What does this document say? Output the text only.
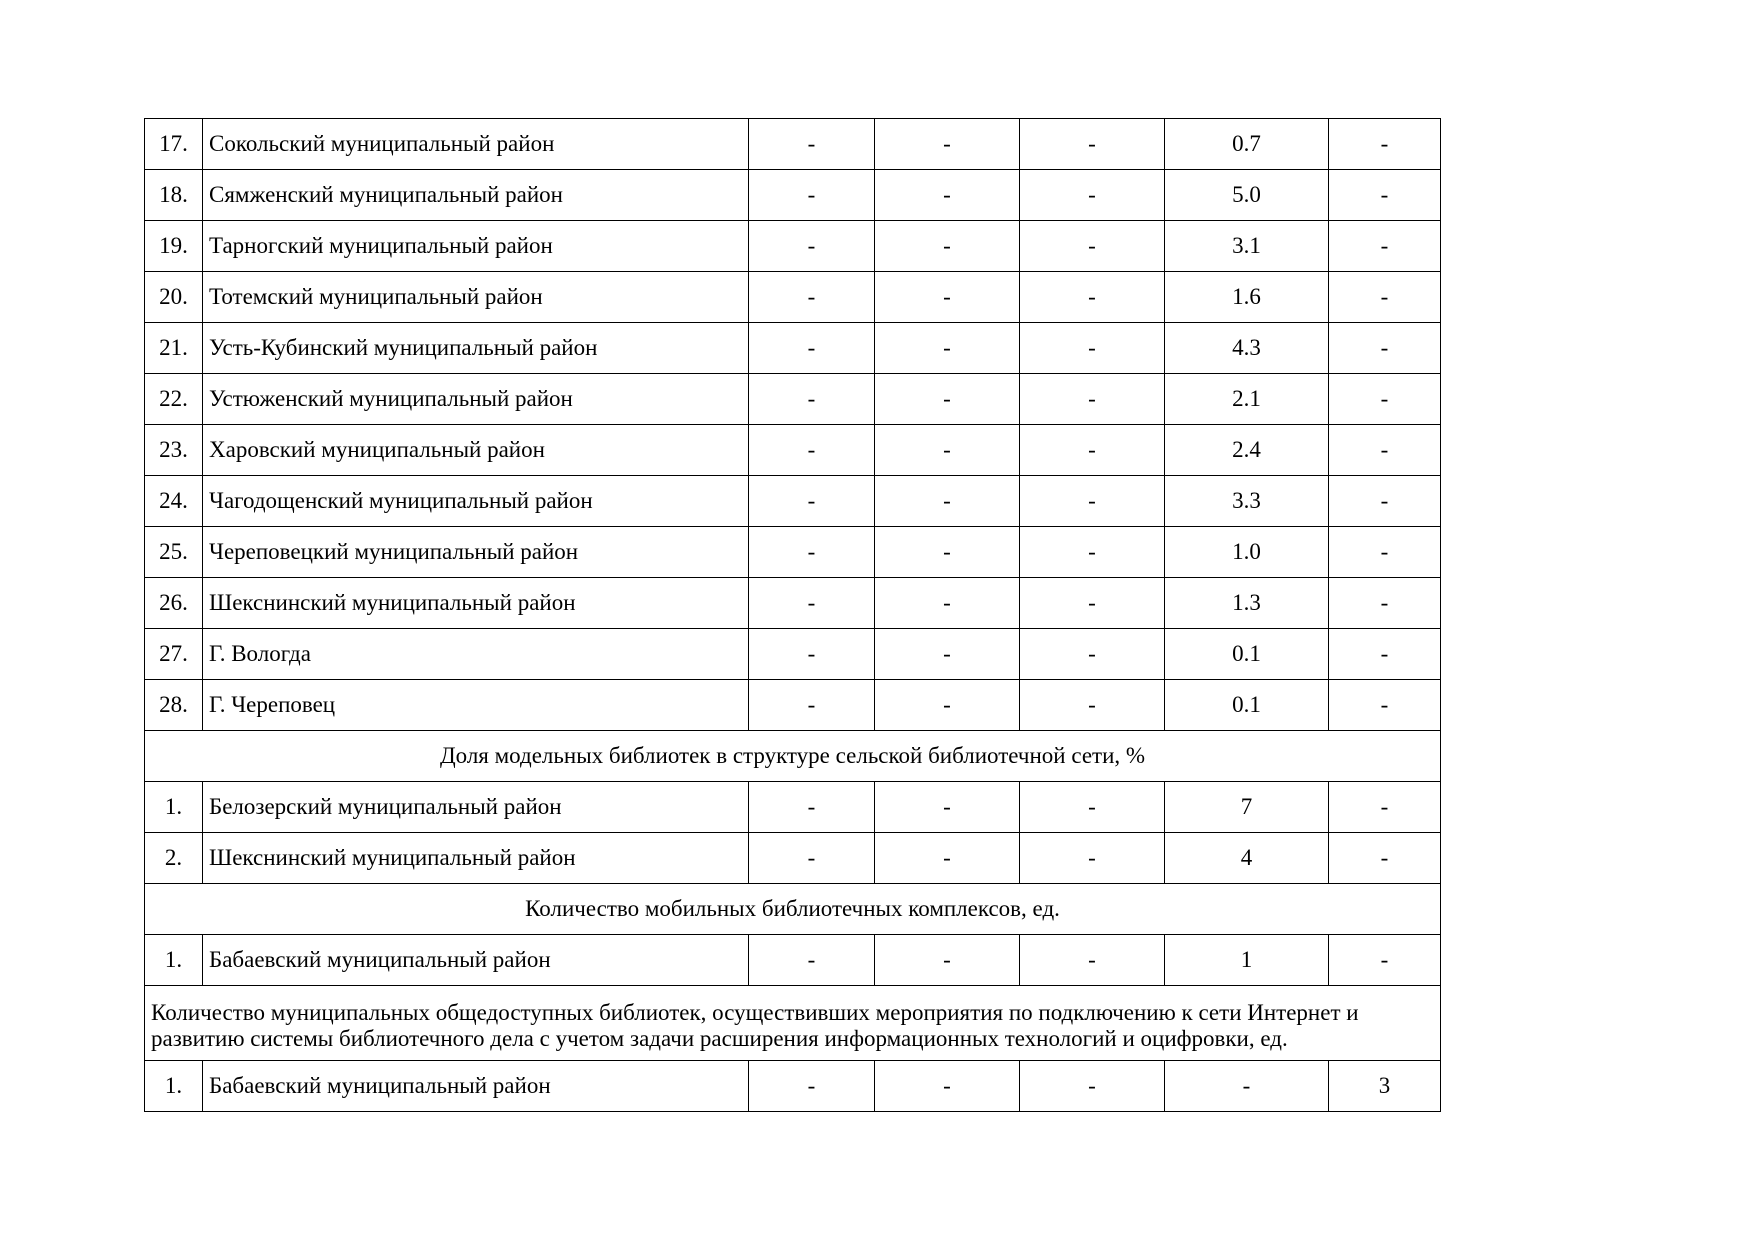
17.	Сокольский муниципальный район	-	-	-	0.7	-
18.	Сямженский муниципальный район	-	-	-	5.0	-
19.	Тарногский муниципальный район	-	-	-	3.1	-
20.	Тотемский муниципальный район	-	-	-	1.6	-
21.	Усть-Кубинский муниципальный район	-	-	-	4.3	-
22.	Устюженский муниципальный район	-	-	-	2.1	-
23.	Харовский муниципальный район	-	-	-	2.4	-
24.	Чагодощенский муниципальный район	-	-	-	3.3	-
25.	Череповецкий муниципальный район	-	-	-	1.0	-
26.	Шекснинский муниципальный район	-	-	-	1.3	-
27.	Г. Вологда	-	-	-	0.1	-
28.	Г. Череповец	-	-	-	0.1	-
Доля модельных библиотек в структуре сельской библиотечной сети, %						
1.	Белозерский муниципальный район	-	-	-	7	-
2.	Шекснинский муниципальный район	-	-	-	4	-
Количество мобильных библиотечных комплексов, ед.						
1.	Бабаевский муниципальный район	-	-	-	1	-
Количество муниципальных общедоступных библиотек, осуществивших мероприятия по подключению к сети Интернет и развитию системы библиотечного дела с учетом задачи расширения информационных технологий и оцифровки, ед.						
1.	Бабаевский муниципальный район	-	-	-	-	3
